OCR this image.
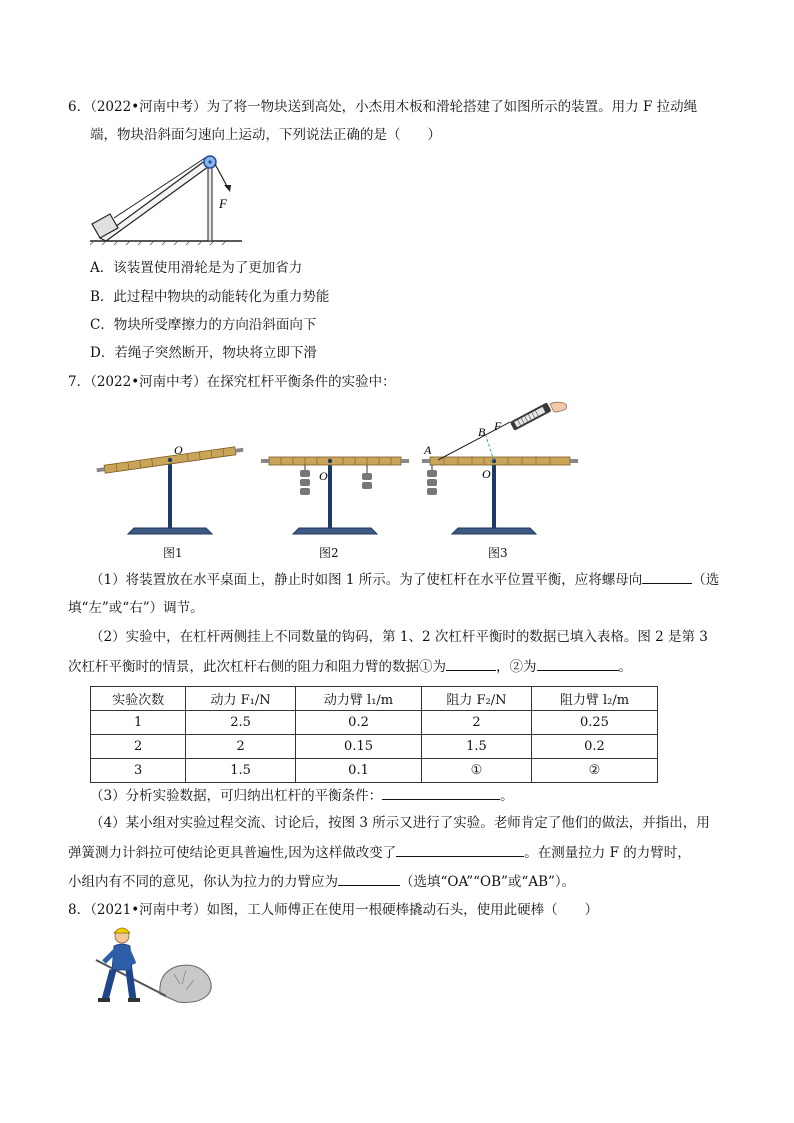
6．（2022•河南中考）为了将一物块送到高处，小杰用木板和滑轮搭建了如图所示的装置。用力 F 拉动绳
端，物块沿斜面匀速向上运动，下列说法正确的是（　　）
F
A．该装置使用滑轮是为了更加省力
B．此过程中物块的动能转化为重力势能
C．物块所受摩擦力的方向沿斜面向下
D．若绳子突然断开，物块将立即下滑
7．（2022•河南中考）在探究杠杆平衡条件的实验中：
O
O	O
A
B F
图1	图2	图3
（1）将装置放在水平桌面上，静止时如图 1 所示。为了使杠杆在水平位置平衡，应将螺母向	（选
填“左”或“右”）调节。
（2）实验中，在杠杆两侧挂上不同数量的钩码，第 1、2 次杠杆平衡时的数据已填入表格。图 2 是第 3
次杠杆平衡时的情景，此次杠杆右侧的阻力和阻力臂的数据①为	，②为	。
实验次数	动力 F₁/N	动力臂 l₁/m	阻力 F₂/N	阻力臂 l₂/m
1	2.5	0.2	2	0.25
2	2	0.15	1.5	0.2
3	1.5	0.1	①	②
（3）分析实验数据，可归纳出杠杆的平衡条件：	。
（4）某小组对实验过程交流、讨论后，按图 3 所示又进行了实验。老师肯定了他们的做法，并指出，用
弹簧测力计斜拉可使结论更具普遍性,因为这样做改变了	。在测量拉力 F 的力臂时，
小组内有不同的意见，你认为拉力的力臂应为	（选填“OA”“OB”或“AB”）。
8．（2021•河南中考）如图，工人师傅正在使用一根硬棒撬动石头，使用此硬棒（　　）
